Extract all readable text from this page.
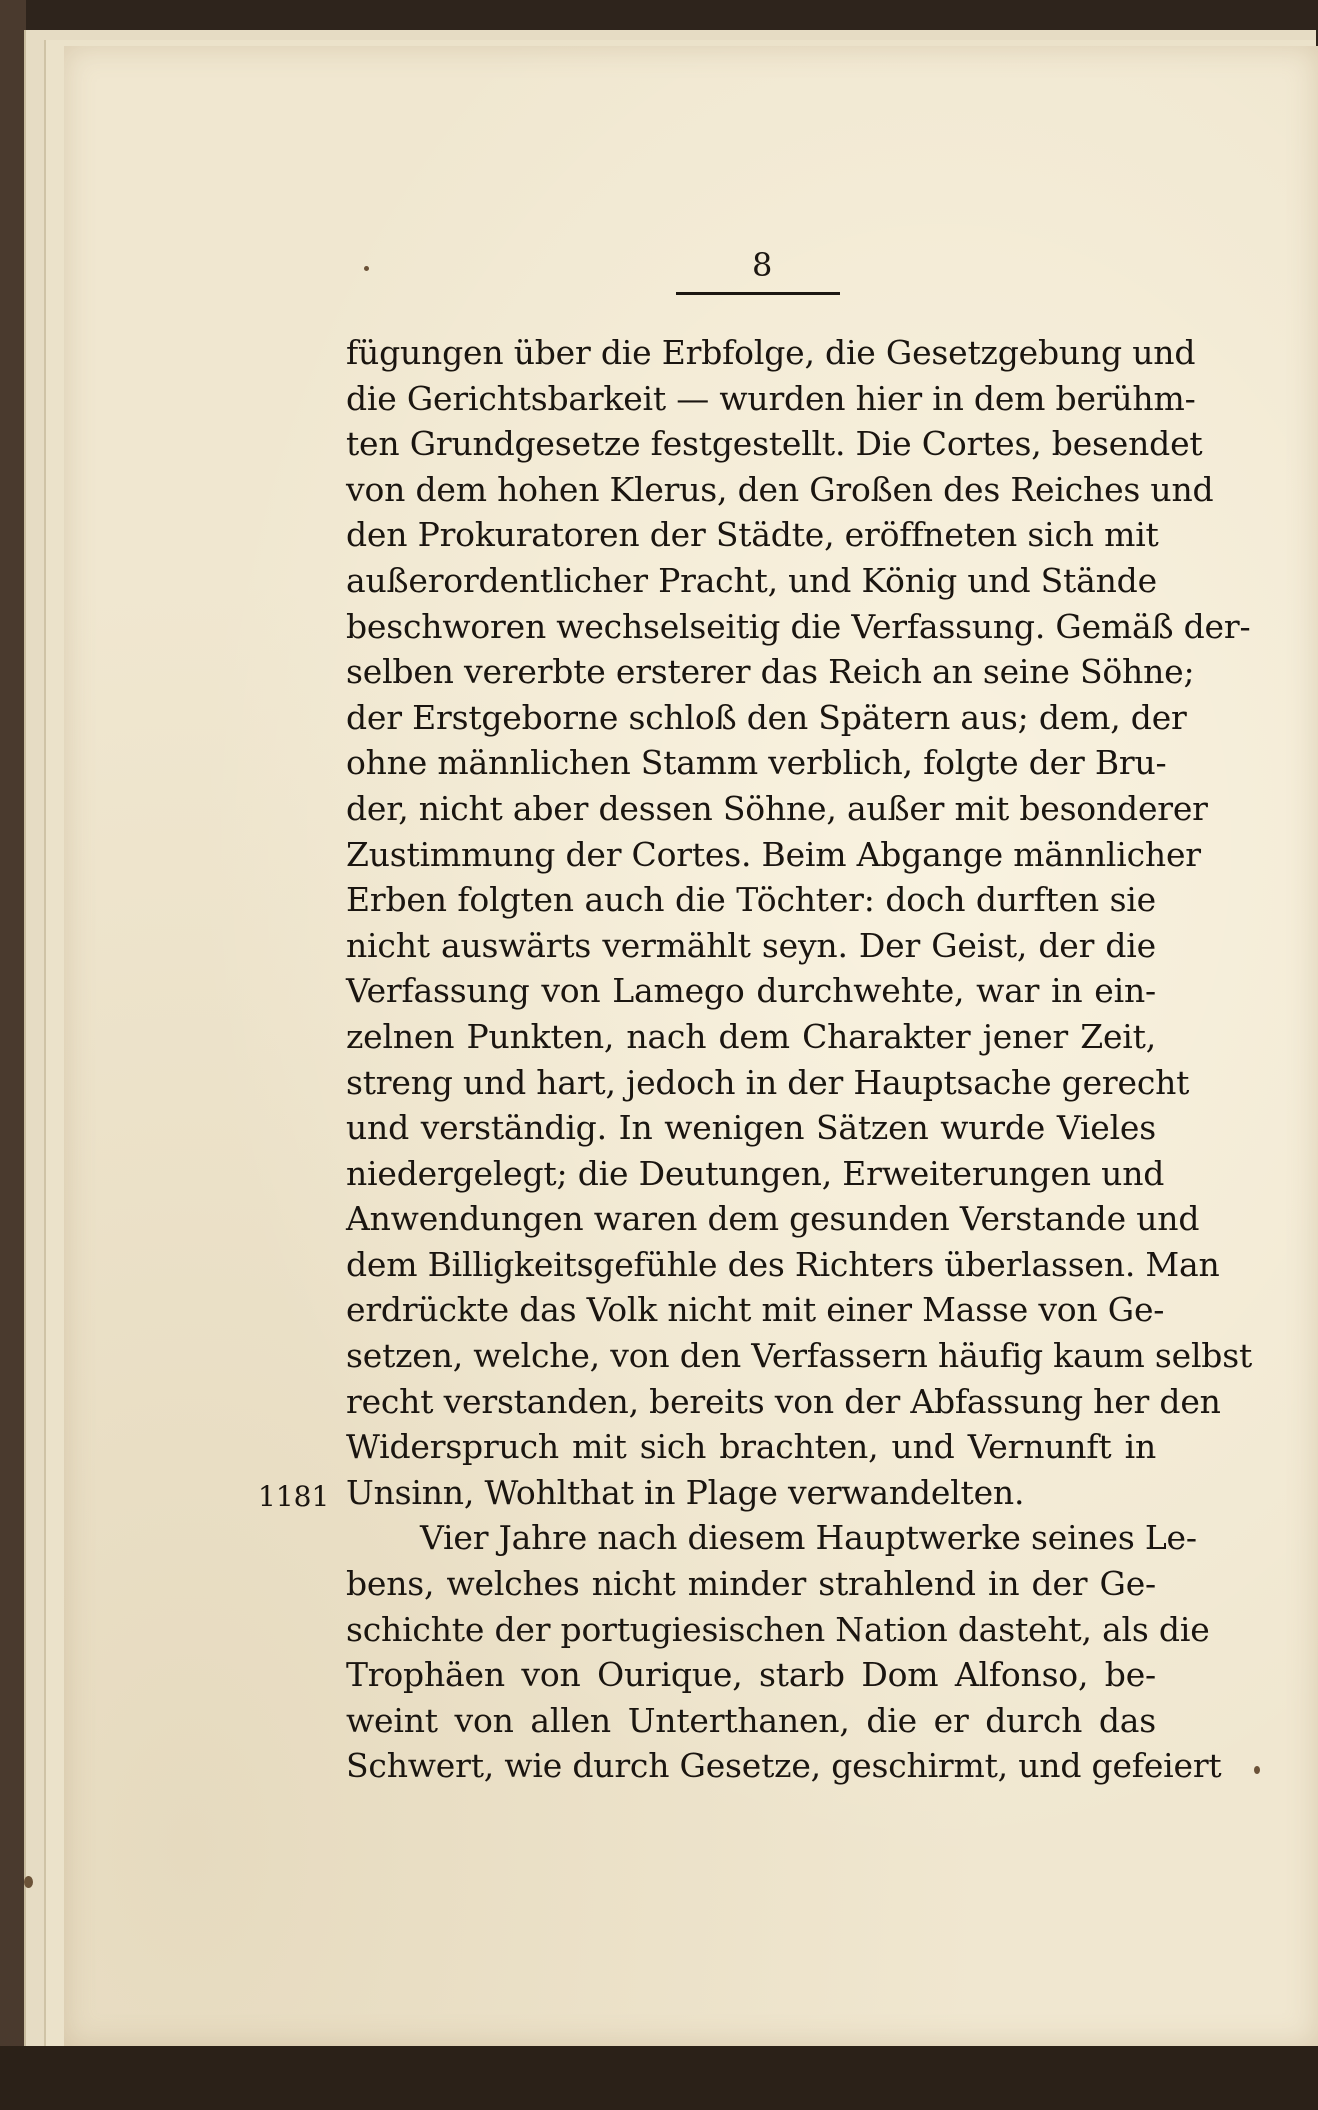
8
1181
fügungen über die Erbfolge, die Gesetzgebung und
die Gerichtsbarkeit — wurden hier in dem berühm-
ten Grundgesetze festgestellt. Die Cortes, besendet
von dem hohen Klerus, den Großen des Reiches und
den Prokuratoren der Städte, eröffneten sich mit
außerordentlicher Pracht, und König und Stände
beschworen wechselseitig die Verfassung. Gemäß der-
selben vererbte ersterer das Reich an seine Söhne;
der Erstgeborne schloß den Spätern aus; dem, der
ohne männlichen Stamm verblich, folgte der Bru-
der, nicht aber dessen Söhne, außer mit besonderer
Zustimmung der Cortes. Beim Abgange männlicher
Erben folgten auch die Töchter: doch durften sie
nicht auswärts vermählt seyn. Der Geist, der die
Verfassung von Lamego durchwehte, war in ein-
zelnen Punkten, nach dem Charakter jener Zeit,
streng und hart, jedoch in der Hauptsache gerecht
und verständig. In wenigen Sätzen wurde Vieles
niedergelegt; die Deutungen, Erweiterungen und
Anwendungen waren dem gesunden Verstande und
dem Billigkeitsgefühle des Richters überlassen. Man
erdrückte das Volk nicht mit einer Masse von Ge-
setzen, welche, von den Verfassern häufig kaum selbst
recht verstanden, bereits von der Abfassung her den
Widerspruch mit sich brachten, und Vernunft in
Unsinn, Wohlthat in Plage verwandelten.
Vier Jahre nach diesem Hauptwerke seines Le-
bens, welches nicht minder strahlend in der Ge-
schichte der portugiesischen Nation dasteht, als die
Trophäen von Ourique, starb Dom Alfonso, be-
weint von allen Unterthanen, die er durch das
Schwert, wie durch Gesetze, geschirmt, und gefeiert
